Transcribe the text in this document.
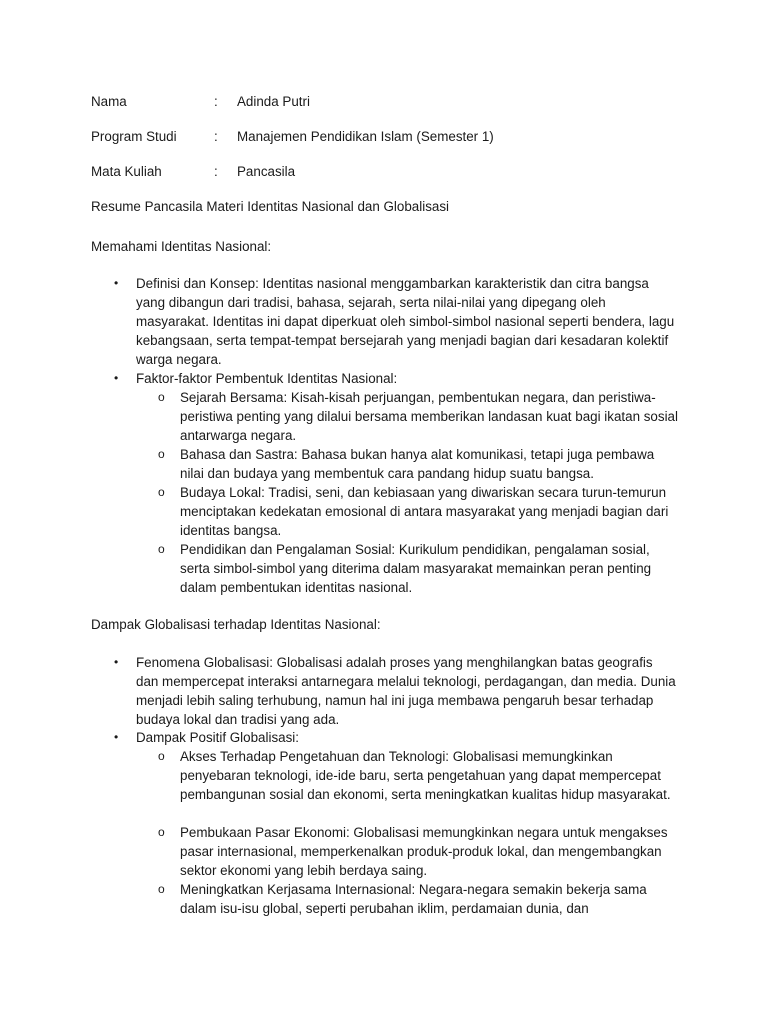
Nama	: Adinda Putri
Program Studi	: Manajemen Pendidikan Islam (Semester 1)
Mata Kuliah	: Pancasila
Resume Pancasila Materi Identitas Nasional dan Globalisasi
Memahami Identitas Nasional:
• Definisi dan Konsep: Identitas nasional menggambarkan karakteristik dan citra bangsa yang dibangun dari tradisi, bahasa, sejarah, serta nilai-nilai yang dipegang oleh masyarakat. Identitas ini dapat diperkuat oleh simbol-simbol nasional seperti bendera, lagu kebangsaan, serta tempat-tempat bersejarah yang menjadi bagian dari kesadaran kolektif warga negara.
• Faktor-faktor Pembentuk Identitas Nasional:
o Sejarah Bersama: Kisah-kisah perjuangan, pembentukan negara, dan peristiwa-peristiwa penting yang dilalui bersama memberikan landasan kuat bagi ikatan sosial antarwarga negara.
o Bahasa dan Sastra: Bahasa bukan hanya alat komunikasi, tetapi juga pembawa nilai dan budaya yang membentuk cara pandang hidup suatu bangsa.
o Budaya Lokal: Tradisi, seni, dan kebiasaan yang diwariskan secara turun-temurun menciptakan kedekatan emosional di antara masyarakat yang menjadi bagian dari identitas bangsa.
o Pendidikan dan Pengalaman Sosial: Kurikulum pendidikan, pengalaman sosial, serta simbol-simbol yang diterima dalam masyarakat memainkan peran penting dalam pembentukan identitas nasional.
Dampak Globalisasi terhadap Identitas Nasional:
• Fenomena Globalisasi: Globalisasi adalah proses yang menghilangkan batas geografis dan mempercepat interaksi antarnegara melalui teknologi, perdagangan, dan media. Dunia menjadi lebih saling terhubung, namun hal ini juga membawa pengaruh besar terhadap budaya lokal dan tradisi yang ada.
• Dampak Positif Globalisasi:
o Akses Terhadap Pengetahuan dan Teknologi: Globalisasi memungkinkan penyebaran teknologi, ide-ide baru, serta pengetahuan yang dapat mempercepat pembangunan sosial dan ekonomi, serta meningkatkan kualitas hidup masyarakat.
o Pembukaan Pasar Ekonomi: Globalisasi memungkinkan negara untuk mengakses pasar internasional, memperkenalkan produk-produk lokal, dan mengembangkan sektor ekonomi yang lebih berdaya saing.
o Meningkatkan Kerjasama Internasional: Negara-negara semakin bekerja sama dalam isu-isu global, seperti perubahan iklim, perdamaian dunia, dan
